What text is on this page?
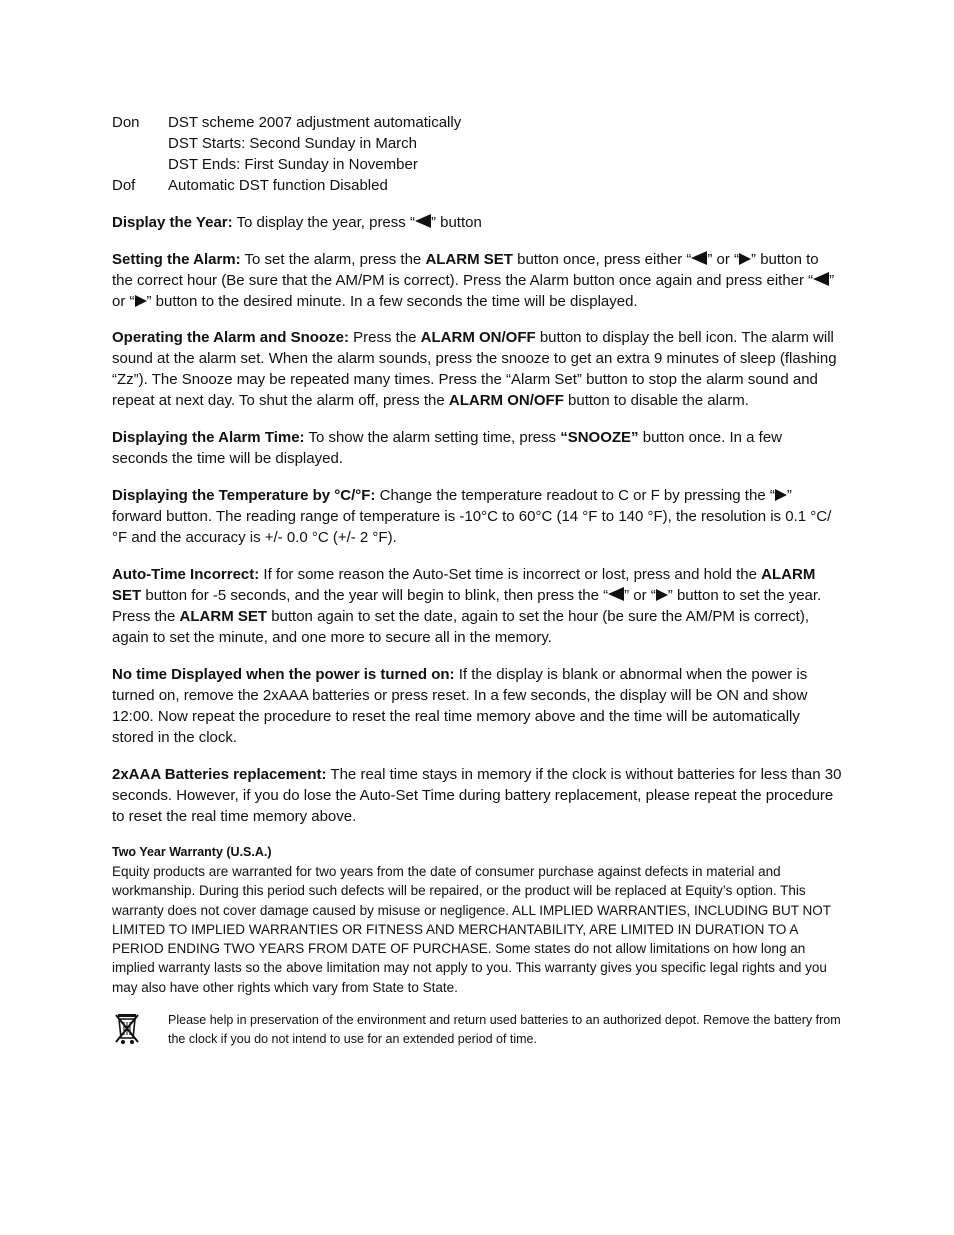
Don	DST scheme 2007 adjustment automatically
DST Starts: Second Sunday in March
DST Ends: First Sunday in November
Dof	Automatic DST function Disabled

Display the Year: To display the year, press “ ” button

Setting the Alarm: To set the alarm, press the ALARM SET button once, press either “ ” or “ ” button to the correct hour (Be sure that the AM/PM is correct). Press the Alarm button once again and press either “ ” or “ ” button to the desired minute. In a few seconds the time will be displayed.

Operating the Alarm and Snooze: Press the ALARM ON/OFF button to display the bell icon. The alarm will sound at the alarm set. When the alarm sounds, press the snooze to get an extra 9 minutes of sleep (flashing “Zz”). The Snooze may be repeated many times. Press the “Alarm Set” button to stop the alarm sound and repeat at next day. To shut the alarm off, press the ALARM ON/OFF button to disable the alarm.

Displaying the Alarm Time: To show the alarm setting time, press “SNOOZE” button once. In a few seconds the time will be displayed.

Displaying the Temperature by °C/°F: Change the temperature readout to C or F by pressing the “ ” forward button. The reading range of temperature is -10°C to 60°C (14 °F to 140 °F), the resolution is 0.1 °C/°F and the accuracy is +/- 0.0 °C (+/- 2 °F).

Auto-Time Incorrect: If for some reason the Auto-Set time is incorrect or lost, press and hold the ALARM SET button for -5 seconds, and the year will begin to blink, then press the “ ” or “ ” button to set the year. Press the ALARM SET button again to set the date, again to set the hour (be sure the AM/PM is correct), again to set the minute, and one more to secure all in the memory.

No time Displayed when the power is turned on: If the display is blank or abnormal when the power is turned on, remove the 2xAAA batteries or press reset. In a few seconds, the display will be ON and show 12:00. Now repeat the procedure to reset the real time memory above and the time will be automatically stored in the clock.

2xAAA Batteries replacement: The real time stays in memory if the clock is without batteries for less than 30 seconds. However, if you do lose the Auto-Set Time during battery replacement, please repeat the procedure to reset the real time memory above.

Two Year Warranty (U.S.A.)
Equity products are warranted for two years from the date of consumer purchase against defects in material and workmanship. During this period such defects will be repaired, or the product will be replaced at Equity’s option. This warranty does not cover damage caused by misuse or negligence. ALL IMPLIED WARRANTIES, INCLUDING BUT NOT LIMITED TO IMPLIED WARRANTIES OR FITNESS AND MERCHANTABILITY, ARE LIMITED IN DURATION TO A PERIOD ENDING TWO YEARS FROM DATE OF PURCHASE. Some states do not allow limitations on how long an implied warranty lasts so the above limitation may not apply to you. This warranty gives you specific legal rights and you may also have other rights which vary from State to State.
Please help in preservation of the environment and return used batteries to an authorized depot. Remove the battery from the clock if you do not intend to use for an extended period of time.
